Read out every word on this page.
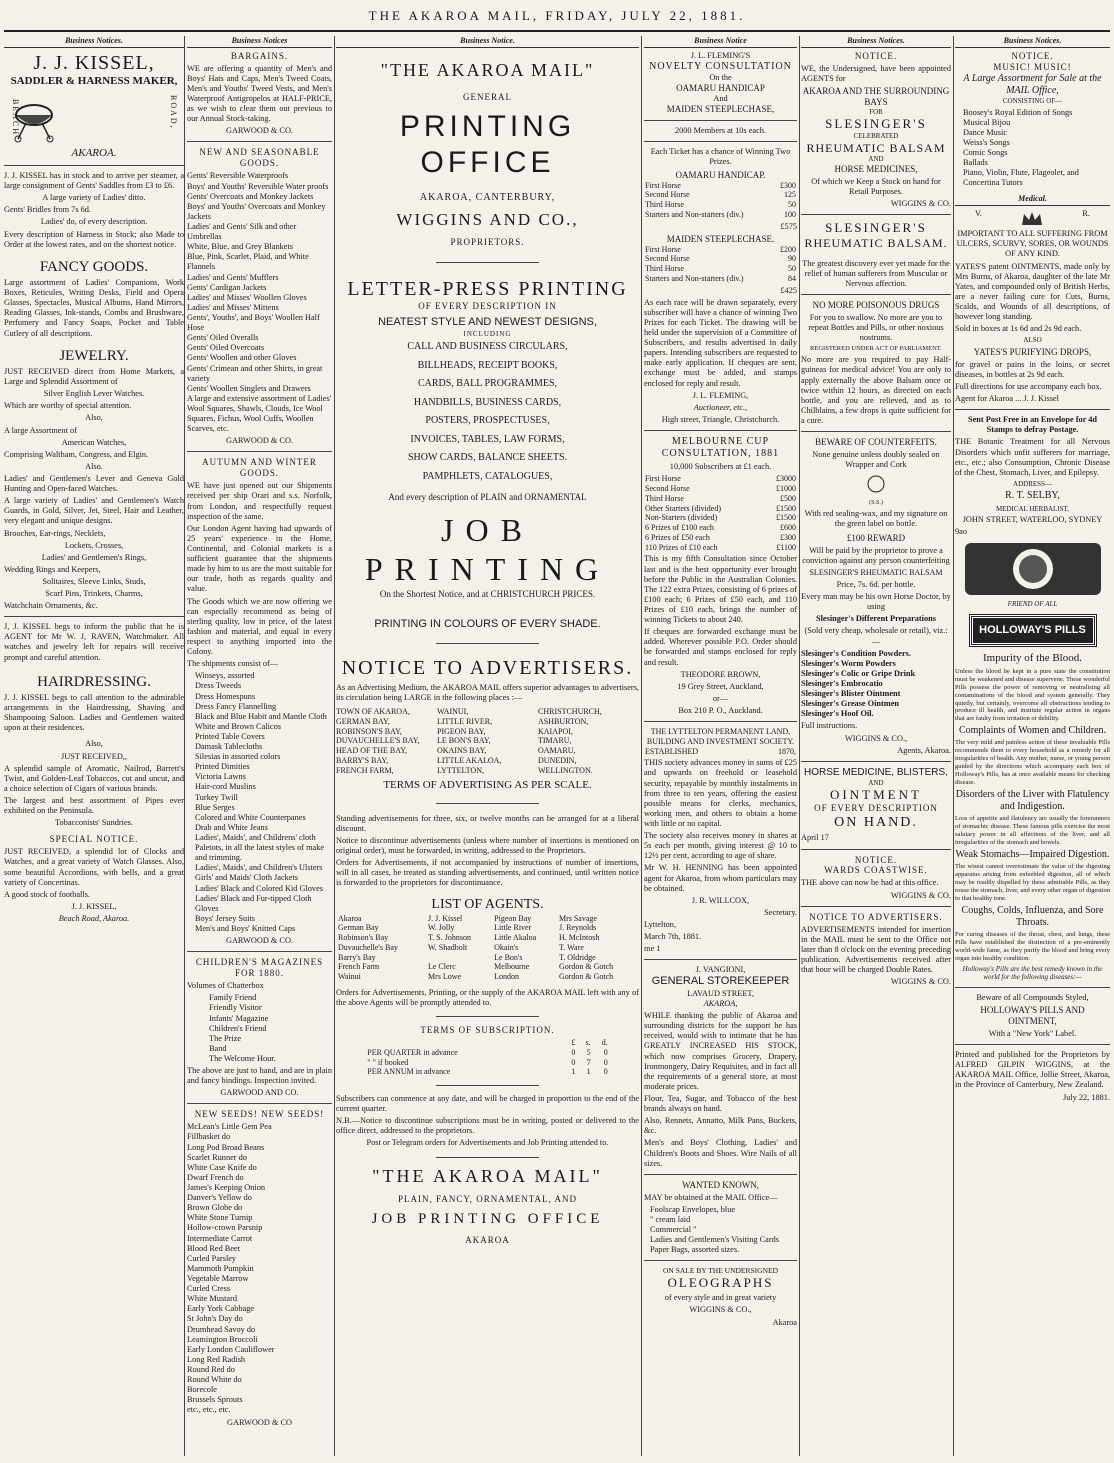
THE AKAROA MAIL, FRIDAY, JULY 22, 1881.
Business Notices.
J. J. KISSEL,
SADDLER & HARNESS MAKER,
BEACH	ROAD,
AKAROA.

J. J. KISSEL has in stock and to arrive per steamer, a large consignment of Gents' Saddles from £3 to £6.

A large variety of Ladies' ditto.

Gents' Bridles from 7s 6d.

Ladies' do, of every description.

Every description of Harness in Stock; also Made to Order at the lowest rates, and on the shortest notice.

FANCY GOODS.

Large assortment of Ladies' Companions, Work Boxes, Reticules, Writing Desks, Field and Opera Glasses, Spectacles, Musical Albums, Hand Mirrors, Reading Glasses, Ink-stands, Combs and Brushware, Perfumery and Fancy Soaps, Pocket and Table Cutlery of all descriptions.

JEWELRY.

JUST RECEIVED direct from Home Markets, a Large and Splendid Assortment of

Silver English Lever Watches.

Which are worthy of special attention.

Also,

A large Assortment of

American Watches,

Comprising Waltham, Congress, and Elgin.

Also.

Ladies' and Gentlemen's Lever and Geneva Gold Hunting and Open-faced Watches.

A large variety of Ladies' and Gentlemen's Watch Guards, in Gold, Silver, Jet, Steel, Hair and Leather, very elegant and unique designs.

Brooches, Ear-rings, Necklets,

Lockets, Crosses,

Ladies' and Gentlemen's Rings,

Wedding Rings and Keepers,

Solitaires, Sleeve Links, Studs,

Scarf Pins, Trinkets, Charms,

Watchchain Ornaments, &c.

J, J. KISSEL begs to inform the public that he is AGENT for Mr W. J, RAVEN, Watchmaker. All watches and jewelry left for repairs will receive prompt and careful attention.

HAIRDRESSING.

J. J. KISSEL begs to call attention to the admirable arrangements in the Hairdressing, Shaving and Shampooing Saloon. Ladies and Gentlemen waited upon at their residences.

Also,

JUST RECEIVED,,

A splendid sample of Aromatic, Nailrod, Barrett's Twist, and Golden-Leaf Tobaccos, cut and uncut, and a choice selection of Cigars of various brands.

The largest and best assortment of Pipes ever exhibited on the Peninsula.

Tobacconists' Sundries.

SPECIAL NOTICE.

JUST RECEIVED, a splendid lot of Clocks and Watches, and a great variety of Watch Glasses. Also, some beautiful Accordions, with bells, and a great variety of Concertinas.

A good stock of footballs.

J. J. KISSEL,

Beach Road, Akaroa.

Business Notices
BARGAINS.

WE are offering a quantity of Men's and Boys' Hats and Caps, Men's Tweed Coats, Men's and Youths' Tweed Vests, and Men's Waterproof Antigropelos at HALF-PRICE, as we wish to clear them out previous to our Annual Stock-taking.

GARWOOD & CO.

NEW AND SEASONABLE GOODS.
Gents' Reversible Waterproofs
Boys' and Youths' Reversible Water proofs
Gents' Overcoats and Monkey Jackets
Boys' and Youths' Overcoats and Monkey Jackets
Ladies' and Gents' Silk and other Umbrellas
White, Blue, and Grey Blankets
Blue, Pink, Scarlet, Plaid, and White Flannels
Ladies' and Gents' Mufflers
Gents' Cardigan Jackets
Ladies' and Misses' Woollen Gloves
Ladies' and Misses' Mittens
Gents', Youths', and Boys' Woollen Half Hose
Gents' Oiled Overalls
Gents' Oiled Overcoats
Gents' Woollen and other Gloves
Gents' Crimean and other Shirts, in great variety
Gents' Woollen Singlets and Drawers
A large and extensive assortment of Ladies' Wool Squares, Shawls, Clouds, Ice Wool Squares, Fichus, Wool Cuffs, Woollen Scarves, etc.

GARWOOD & CO.

AUTUMN AND WINTER GOODS.

WE have just opened out our Shipments received per ship Orari and s.s. Norfolk, from London, and respectfully request inspection of the same.

Our London Agent having had upwards of 25 years' experience in the Home, Continental, and Colonial markets is a sufficient guarantee that the shipments made by him to us are the most suitable for our trade, both as regards quality and value.

The Goods which we are now offering we can especially recommend as being of sterling quality, low in price, of the latest fashion and material, and equal in every respect to anything imported into the Colony.

The shipments consist of—

Winseys, assorted
Dress Tweeds
Dress Homespuns
Dress Fancy Flannelling
Black and Blue Habit and Mantle Cloth
White and Brown Calicos
Printed Table Covers
Damask Tablecloths
Silesias in assorted colors
Printed Dimities
Victoria Lawns
Hair-cord Muslins
Turkey Twill
Blue Serges
Colored and White Counterpanes
Drab and White Jeans
Ladies', Maids', and Childrens' cloth Paletots, in all the latest styles of make and trimming.
Ladies', Maids', and Children's Ulsters
Girls' and Maids' Cloth Jackets
Ladies' Black and Colored Kid Gloves
Ladies' Black and Fur-tipped Cloth Gloves
Boys' Jersey Suits
Men's and Boys' Knitted Caps

GARWOOD & CO.

CHILDREN'S MAGAZINES FOR 1880.

Volumes of Chatterbox

Family Friend
Friendly Visitor
Infants' Magazine
Children's Friend
The Prize
Band
The Welcome Hour.

The above are just to hand, and are in plain and fancy bindings. Inspection invited.

GARWOOD AND CO.

NEW SEEDS! NEW SEEDS!
McLean's Little Gem Pea
Fillbasket do
Long Pod Broad Beans
Scarlet Runner do
White Case Knife do
Dwarf French do
James's Keeping Onion
Danver's Yellow do
Brown Globe do
White Stone Turnip
Hollow-crown Parsnip
Intermediate Carrot
Blood Red Beet
Curled Parsley
Mammoth Pumpkin
Vegetable Marrow
Curled Cress
White Mustard
Early York Cabbage
St John's Day do
Drumhead Savoy do
Leamington Broccoli
Early London Cauliflower
Long Red Radish
Round Red do
Round White do
Borecole
Brussels Sprouts
etc., etc., etc.

GARWOOD & CO

Business Notice.
"THE AKAROA MAIL"
GENERAL
PRINTING OFFICE
AKAROA, CANTERBURY,
WIGGINS AND CO.,
PROPRIETORS.
LETTER-PRESS PRINTING
OF EVERY DESCRIPTION IN
NEATEST STYLE AND NEWEST DESIGNS,
INCLUDING
CALL AND BUSINESS CIRCULARS,
BILLHEADS, RECEIPT BOOKS,
CARDS, BALL PROGRAMMES,
HANDBILLS, BUSINESS CARDS,
POSTERS, PROSPECTUSES,
INVOICES, TABLES, LAW FORMS,
SHOW CARDS, BALANCE SHEETS.
PAMPHLETS, CATALOGUES,
And every description of PLAIN and ORNAMENTAL
JOB PRINTING
On the Shortest Notice, and at CHRISTCHURCH PRICES.
PRINTING IN COLOURS OF EVERY SHADE.
NOTICE TO ADVERTISERS.

As an Advertising Medium, the AKAROA MAIL offers superior advantages to advertisers, its circulation being LARGE in the following places :—

TOWN OF AKAROA,	WAINUI,	CHRISTCHURCH,
GERMAN BAY,	LITTLE RIVER,	ASHBURTON,
ROBINSON'S BAY,	PIGEON BAY,	KAIAPOI,
DUVAUCHELLE'S BAY,	LE BON'S BAY,	TIMARU,
HEAD OF THE BAY,	OKAINS BAY,	OAMARU,
BARRY'S BAY,	LITTLE AKALOA,	DUNEDIN,
FRENCH FARM,	LYTTELTON,	WELLINGTON.
TERMS OF ADVERTISING AS PER SCALE.

Standing advertisements for three, six, or twelve months can be arranged for at a liberal discount.

Notice to discontinue advertisements (unless where number of insertions is mentioned on original order), must be forwarded, in writing, addressed to the Proprietors.

Orders for Advertisements, if not accompanied by instructions of number of insertions, will in all cases, be treated as standing advertisements, and continued, until written notice is forwarded to the proprietors for discontinuance.

LIST OF AGENTS.
Akaroa	J. J. Kissel	Pigeon Bay	Mrs Savage
German Bay	W. Jolly	Little River	J. Reynolds
Robinson's Bay	T. S. Johnson	Little Akaloa	H. McIntosh
Duvauchelle's Bay	W. Shadbolt	Okain's	T. Ware
Barry's Bay		Le Bon's	T. Oldridge
French Farm	Le Clerc	Melbourne	Gordon & Gotch
Wainui	Mrs Lowe	London	Gordon & Gotch

Orders for Advertisements, Printing, or the supply of the AKAROA MAIL left with any of the above Agents will be promptly attended to.

TERMS OF SUBSCRIPTION.
	£	s.	d.
PER QUARTER in advance	0	5	0
" " if booked	0	7	0
PER ANNUM in advance	1	1	0

Subscribers can commence at any date, and will be charged in proportion to the end of the current quarter.

N.B.—Notice to discontinue subscriptions must be in writing, posted or delivered to the office direct, addressed to the proprietors.

Post or Telegram orders for Advertisements and Job Printing attended to.

"THE AKAROA MAIL"
PLAIN, FANCY, ORNAMENTAL, AND
JOB PRINTING OFFICE
AKAROA
Business Notice
J. L. FLEMING'S
NOVELTY CONSULTATION
On the
OAMARU HANDICAP
And
MAIDEN STEEPLECHASE,

2000 Members at 10s each.

Each Ticket has a chance of Winning Two Prizes.

OAMARU HANDICAP.
First Horse	£300
Second Horse	125
Third Horse	50
Starters and Non-starters (div.)	100

£575

MAIDEN STEEPLECHASE.
First Horse	£200
Second Horse	90
Third Horse	50
Starters and Non-starters (div.)	84

£425

As each race will be drawn separately, every subscriber will have a chance of winning Two Prizes for each Ticket. The drawing will be held under the supervision of a Committee of Subscribers, and results advertised in daily papers. Intending subscribers are requested to make early application. If cheques are sent, exchange must be added, and stamps enclosed for reply and result.

J. L. FLEMING,

Auctioneer, etc.,

High street, Triangle, Christchurch.

MELBOURNE CUP CONSULTATION, 1881

10,000 Subscribers at £1 each.

First Horse	£3000
Second Horse	£1000
Third Horse	£500
Other Starters (divided)	£1500
Non-Starters (divided)	£1500
6 Prizes of £100 each	£600
6 Prizes of £50 each	£300
110 Prizes of £10 each	£1100

This is my fifth Consultation since October last and is the best opportunity ever brought before the Public in the Australian Colonies. The 122 extra Prizes, consisting of 6 prizes of £100 each; 6 Prizes of £50 each, and 110 Prizes of £10 each, brings the number of winning Tickets to about 240.

If cheques are forwarded exchange must be added. Wherever possible P.O. Order should be forwarded and stamps enclosed for reply and result.

THEODORE BROWN,

19 Grey Street, Auckland,

or—

Box 210 P. O., Auckland.

THE LYTTELTON PERMANENT LAND, BUILDING AND INVESTMENT SOCIETY.
ESTABLISHED	1870,

THIS society advances money in sums of £25 and upwards on freehold or leasehold security, repayable by monthly instalments in from three to ten years, offering the easiest possible means for clerks, mechanics, working men, and others to obtain a home with little or no capital.

The society also receives money in shares at 5s each per month, giving interest @ 10 to 12½ per cent, according to age of share.

Mr W. H. HENNING has been appointed agent for Akaroa, from whom particulars may be obtained.

J. R. WILLCOX,

Secretary.

Lyttelton,

March 7th, 1881.

me 1

J. VANGIONI,
GENERAL STOREKEEPER
LAVAUD STREET,
AKAROA,

WHILE thanking the public of Akaroa and surrounding districts for the support he has received, would wish to intimate that he has GREATLY INCREASED HIS STOCK, which now comprises Grocery, Drapery, Ironmongery, Dairy Requisites, and in fact all the requirements of a general store, at most moderate prices.

Flour, Tea, Sugar, and Tobacco of the best brands always on hand.

Also, Rennets, Annatto, Milk Pans, Buckets, &c.

Men's and Boys' Clothing, Ladies' and Children's Boots and Shoes. Wire Nails of all sizes.

WANTED KNOWN,

MAY be obtained at the MAIL Office—

Foolscap Envelopes, blue
" cream laid
Commercial "
Ladies and Gentlemen's Visiting Cards
Paper Bags, assorted sizes.
ON SALE BY THE UNDERSIGNED
OLEOGRAPHS

of every style and in great variety

WIGGINS & CO.,

Akaroa

Business Notices.
NOTICE.

WE, the Undersigned, have been appointed AGENTS for

AKAROA AND THE SURROUNDING BAYS
FOR
SLESINGER'S
CELEBRATED
RHEUMATIC BALSAM
AND
HORSE MEDICINES,

Of which we Keep a Stock on hand for Retail Purposes.

WIGGINS & CO.

SLESINGER'S
RHEUMATIC BALSAM.

The greatest discovery ever yet made for the relief of human sufferers from Muscular or Nervous affection.

NO MORE POISONOUS DRUGS

For you to swallow. No more are you to repeat Bottles and Pills, or other noxious nostrums.

REGISTERED UNDER ACT OF PARLIAMENT.

No more are you required to pay Half-guineas for medical advice! You are only to apply externally the above Balsam once or twice within 12 hours, as directed on each bottle, and you are relieved, and as to Chilblains, a few drops is quite sufficient for a cure.

BEWARE OF COUNTERFEITS.

None genuine unless doubly sealed on Wrapper and Cork

(S.S.)

With red sealing-wax, and my signature on the green label on bottle.

£100 REWARD

Will be paid by the proprietor to prove a conviction against any person counterfeiting

SLESINGER'S RHEUMATIC BALSAM

Price, 7s. 6d. per bottle.

Every man may be his own Horse Doctor, by using

Slesinger's Different Preparations

(Sold very cheap, wholesale or retail), viz.:—

Slesinger's Condition Powders.
Slesinger's Worm Powders
Slesinger's Colic or Gripe Drink
Slesinger's Embrocatio
Slesinger's Blister Ointment
Slesinger's Grease Ointmen
Slesinger's Hoof Oil.

Full instructions.

WIGGINS & CO.,

Agents, Akaroa.

HORSE MEDICINE, BLISTERS,
AND
OINTMENT
OF EVERY DESCRIPTION
ON HAND.

April 17

NOTICE.
WARDS COASTWISE.

THE above can now be had at this office.

WIGGINS & CO.

NOTICE TO ADVERTISERS.

ADVERTISEMENTS intended for insertion in the MAIL must be sent to the Office not later than 8 o'clock on the evening preceding publication. Advertisements received after that hour will be charged Double Rates.

WIGGINS & CO.

Business Notices.
NOTICE.
MUSIC! MUSIC!
A Large Assortment for Sale at the MAIL Office,
CONSISTING OF—
Boosey's Royal Edition of Songs
Musical Bijou
Dance Music
Weiss's Songs
Comic Songs
Ballads
Piano, Violin, Flute, Flageolet, and Concertina Tutors
Medical.
V.	R.

IMPORTANT TO ALL SUFFERING FROM ULCERS, SCURVY, SORES, OR WOUNDS OF ANY KIND.

YATES'S patent OINTMENTS, made only by Mrs Burns, of Akaroa, daughter of the late Mr Yates, and compounded only of British Herbs, are a never failing cure for Cuts, Burns, Scalds, and Wounds of all descriptions, of however long standing.

Sold in boxes at 1s 6d and 2s 9d each.

ALSO

YATES'S PURIFYING DROPS,

for gravel or pains in the loins, or secret diseases, in bottles at 2s 9d each.

Full directions for use accompany each box.

Agent for Akaroa ... J. J. Kissel

Sent Post Free in an Envelope for 4d Stamps to defray Postage.

THE Botanic Treatment for all Nervous Disorders which unfit sufferers for marriage, etc., etc.; also Consumption, Chronic Disease of the Chest, Stomach, Liver, and Epilepsy.

ADDRESS—

R. T. SELBY,

MEDICAL HERBALIST,

JOHN STREET, WATERLOO, SYDNEY

9ao

FRIEND OF ALL
HOLLOWAY'S PILLS
Impurity of the Blood.

Unless the blood be kept in a pure state the constitution must be weakened and disease supervene. These wonderful Pills possess the power of removing or neutralising all contaminations of the blood and system generally. They quietly, but certainly, overcome all obstructions tending to produce ill health, and institute regular action in organs that are faulty from irritation or debility.

Complaints of Women and Children.

The very mild and painless action of these invaluable Pills recommends them to every household as a remedy for all irregularities of health. Any mother, nurse, or young person guided by the directions which accompany each box of Holloway's Pills, has at once available means for checking disease.

Disorders of the Liver with Flatulency and Indigestion.

Loss of appetite and flatulency are usually the forerunners of stomachic disease. These famous pills exercise the most salutary power in all affections of the liver, and all irregularities of the stomach and bowels.

Weak Stomachs—Impaired Digestion.

The wisest cannot overestimate the value of the digesting apparatus arising from enfeebled digestion, all of which may be readily dispelled by these admirable Pills, as they rouse the stomach, liver, and every other organ of digestion to that healthy tone.

Coughs, Colds, Influenza, and Sore Throats.

For curing diseases of the throat, chest, and lungs, these Pills have established the distinction of a pre-eminently world-wide fame, as they purify the blood and bring every organ into healthy condition.

Holloway's Pills are the best remedy known in the world for the following diseases:—

Beware of all Compounds Styled,

HOLLOWAY'S PILLS AND OINTMENT,

With a "New York" Label.

Printed and published for the Proprietors by ALFRED GILPIN WIGGINS, at the AKAROA MAIL Office, Jollie Street, Akaroa, in the Province of Canterbury, New Zealand.

July 22, 1881.
